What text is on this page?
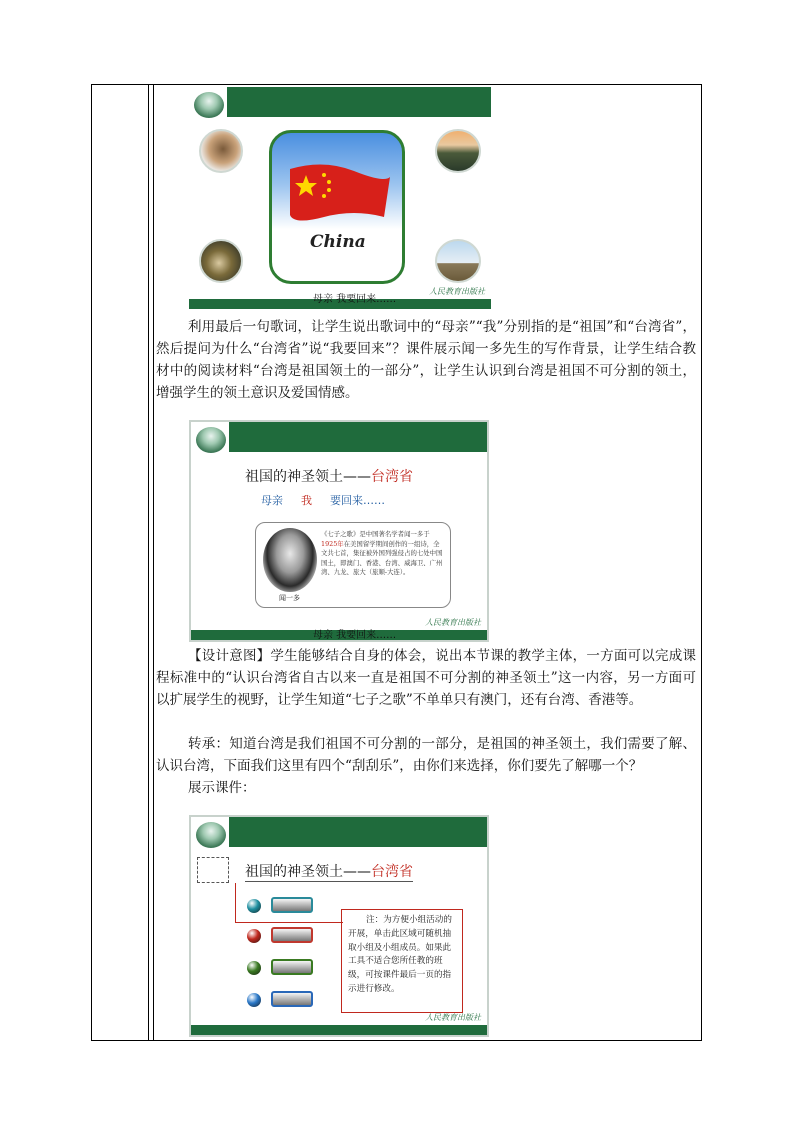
China
母亲 我要回来……
人民教育出版社

利用最后一句歌词，让学生说出歌词中的“母亲”“我”分别指的是“祖国”和“台湾省”，然后提问为什么“台湾省”说“我要回来”？课件展示闻一多先生的写作背景，让学生结合教材中的阅读材料“台湾是祖国领土的一部分”，让学生认识到台湾是祖国不可分割的领土，增强学生的领土意识及爱国情感。

祖国的神圣领土——台湾省
母亲 我 要回来……
闻一多
《七子之歌》是中国著名学者闻一多于1925年在美国留学期间创作的一组诗，全文共七首，集征被外国列强侵占的七处中国国土，即澳门、香港、台湾、威海卫、广州湾、九龙、旅大（旅顺-大连）。
母亲 我要回来……
人民教育出版社

【设计意图】学生能够结合自身的体会，说出本节课的教学主体，一方面可以完成课程标准中的“认识台湾省自古以来一直是祖国不可分割的神圣领土”这一内容，另一方面可以扩展学生的视野，让学生知道“七子之歌”不单单只有澳门，还有台湾、香港等。

转承：知道台湾是我们祖国不可分割的一部分，是祖国的神圣领土，我们需要了解、认识台湾，下面我们这里有四个“刮刮乐”，由你们来选择，你们要先了解哪一个？

展示课件：

祖国的神圣领土——台湾省
注：为方便小组活动的开展，单击此区域可随机抽取小组及小组成员。如果此工具不适合您所任教的班级，可按课件最后一页的指示进行修改。
人民教育出版社
